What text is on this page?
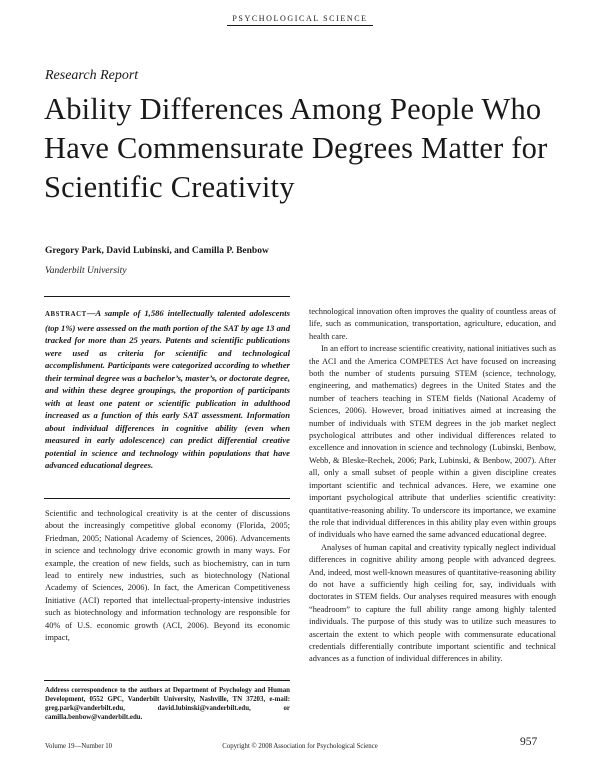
PSYCHOLOGICAL SCIENCE
Research Report
Ability Differences Among People Who Have Commensurate Degrees Matter for Scientific Creativity
Gregory Park, David Lubinski, and Camilla P. Benbow
Vanderbilt University

ABSTRACT—A sample of 1,586 intellectually talented adolescents (top 1%) were assessed on the math portion of the SAT by age 13 and tracked for more than 25 years. Patents and scientific publications were used as criteria for scientific and technological accomplishment. Participants were categorized according to whether their terminal degree was a bachelor’s, master’s, or doctorate degree, and within these degree groupings, the proportion of participants with at least one patent or scientific publication in adulthood increased as a function of this early SAT assessment. Information about individual differences in cognitive ability (even when measured in early adolescence) can predict differential creative potential in science and technology within populations that have advanced educational degrees.

Scientific and technological creativity is at the center of discussions about the increasingly competitive global economy (Florida, 2005; Friedman, 2005; National Academy of Sciences, 2006). Advancements in science and technology drive economic growth in many ways. For example, the creation of new fields, such as biochemistry, can in turn lead to entirely new industries, such as biotechnology (National Academy of Sciences, 2006). In fact, the American Competitiveness Initiative (ACI) reported that intellectual-property-intensive industries such as biotechnology and information technology are responsible for 40% of U.S. economic growth (ACI, 2006). Beyond its economic impact,

technological innovation often improves the quality of countless areas of life, such as communication, transportation, agriculture, education, and health care.

In an effort to increase scientific creativity, national initiatives such as the ACI and the America COMPETES Act have focused on increasing both the number of students pursuing STEM (science, technology, engineering, and mathematics) degrees in the United States and the number of teachers teaching in STEM fields (National Academy of Sciences, 2006). However, broad initiatives aimed at increasing the number of individuals with STEM degrees in the job market neglect psychological attributes and other individual differences related to excellence and innovation in science and technology (Lubinski, Benbow, Webb, & Bleske-Rechek, 2006; Park, Lubinski, & Benbow, 2007). After all, only a small subset of people within a given discipline creates important scientific and technical advances. Here, we examine one important psychological attribute that underlies scientific creativity: quantitative-reasoning ability. To underscore its importance, we examine the role that individual differences in this ability play even within groups of individuals who have earned the same advanced educational degree.

Analyses of human capital and creativity typically neglect individual differences in cognitive ability among people with advanced degrees. And, indeed, most well-known measures of quantitative-reasoning ability do not have a sufficiently high ceiling for, say, individuals with doctorates in STEM fields. Our analyses required measures with enough “headroom” to capture the full ability range among highly talented individuals. The purpose of this study was to utilize such measures to ascertain the extent to which people with commensurate educational credentials differentially contribute important scientific and technical advances as a function of individual differences in ability.

Address correspondence to the authors at Department of Psychology and Human Development, 0552 GPC, Vanderbilt University, Nashville, TN 37203, e-mail: greg.park@vanderbilt.edu, david.lubinski@vanderbilt.edu, or camilla.benbow@vanderbilt.edu.

Volume 19—Number 10	Copyright © 2008 Association for Psychological Science	957
